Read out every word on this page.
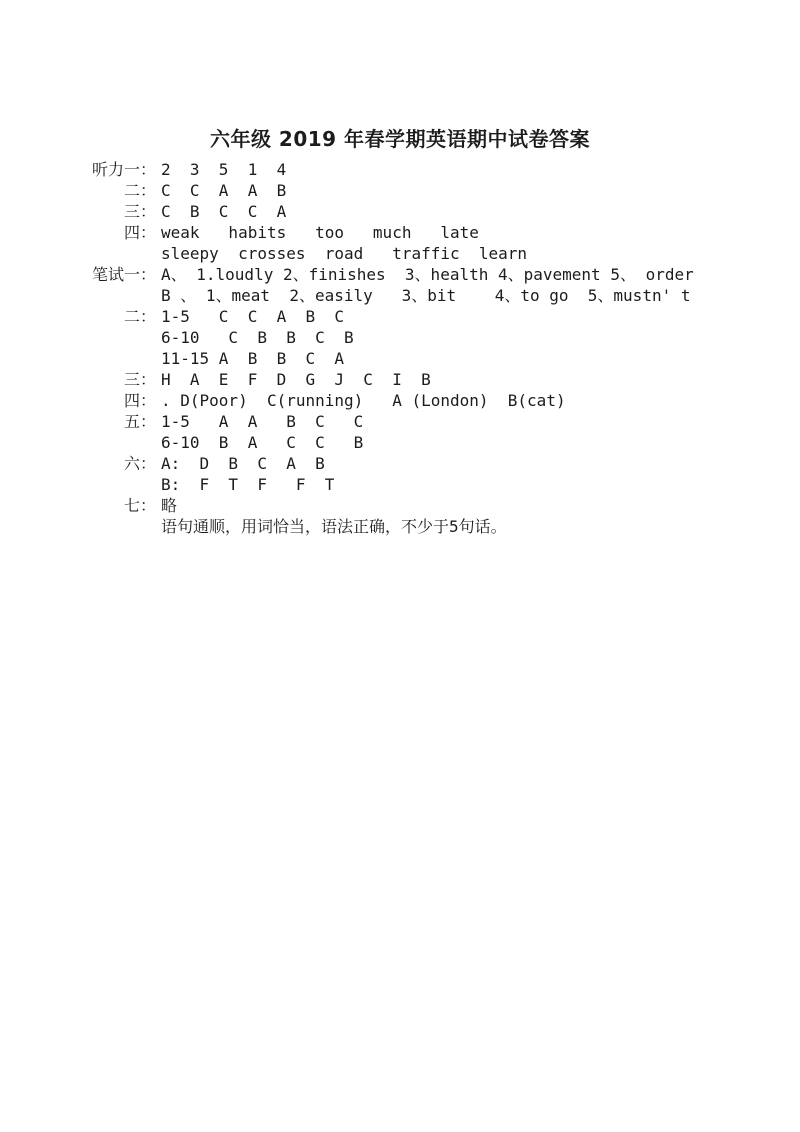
六年级 2019 年春学期英语期中试卷答案
听力一： 2  3  5  1  4
二： C  C  A  A  B
三： C  B  C  C  A
四： weak   habits   too   much   late
sleepy  crosses  road   traffic  learn
笔试一： A、 1.loudly 2、finishes  3、health 4、pavement 5、 order
B 、 1、meat  2、easily   3、bit    4、to go  5、mustn' t
二： 1-5   C  C  A  B  C
6-10   C  B  B  C  B
11-15 A  B  B  C  A
三： H  A  E  F  D  G  J  C  I  B
四： . D(Poor)  C(running)   A (London)  B(cat)
五： 1-5   A  A   B  C   C
6-10  B  A   C  C   B
六： A:  D  B  C  A  B
B:  F  T  F   F  T
七： 略
语句通顺，用词恰当，语法正确，不少于5句话。
